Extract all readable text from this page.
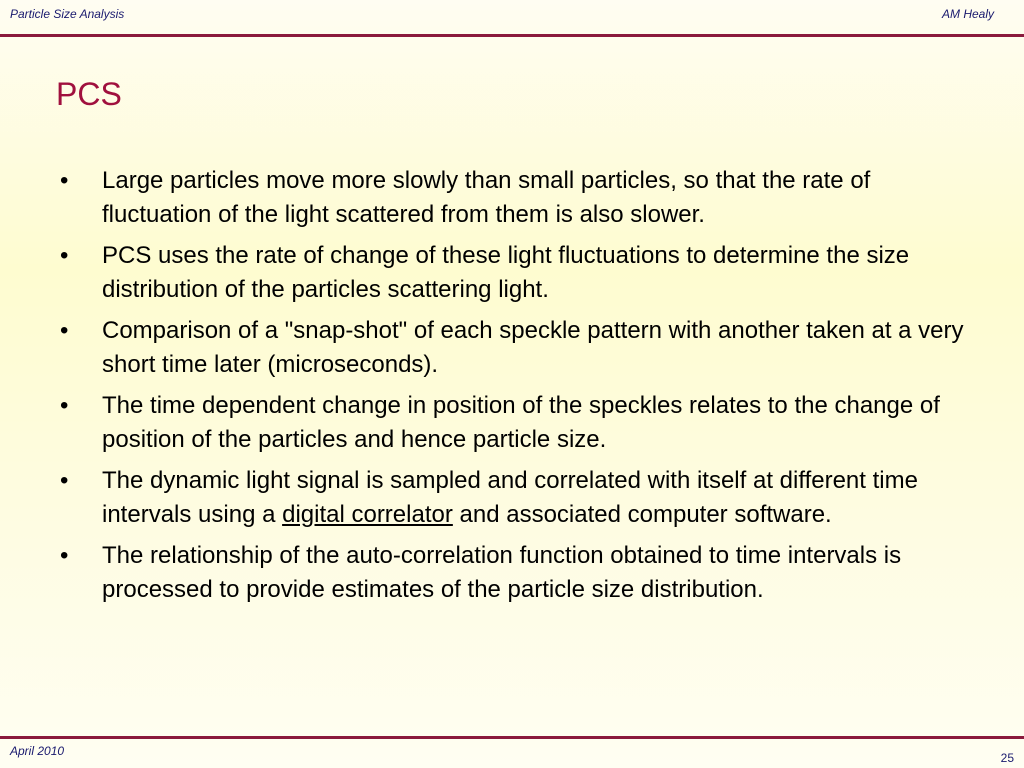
Particle Size Analysis	AM Healy
PCS
•	Large particles move more slowly than small particles, so that the rate of fluctuation of the light scattered from them is also slower.
•	PCS uses the rate of change of these light fluctuations to determine the size distribution of the particles scattering light.
•	Comparison of a "snap-shot" of each speckle pattern with another taken at a very short time later (microseconds).
•	The time dependent change in position of the speckles relates to the change of position of the particles and hence particle size.
•	The dynamic light signal is sampled and correlated with itself at different time intervals using a digital correlator and associated computer software.
•	The relationship of the auto-correlation function obtained to time intervals is processed to provide estimates of the particle size distribution.
April 2010	25
